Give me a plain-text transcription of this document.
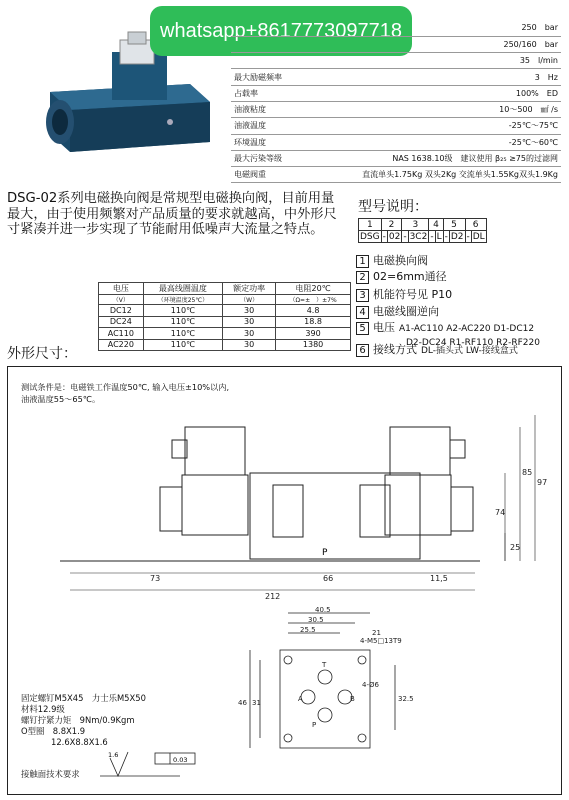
whatsapp+8617773097718
		250　bar
	250/160　bar
	35　l/min
最大励磁频率	3　Hz
占载率	100%　ED
油液粘度	10～500　㎟ /s
油液温度	-25℃～75℃
环境温度	-25℃～60℃
最大污染等级	NAS 1638.10级　建议使用 β₂₅ ≥75的过滤网
电磁阀重	直流单头1.75Kg 双头2Kg 交流单头1.55Kg双头1.9Kg
DSG-02系列电磁换向阀是常规型电磁换向阀，目前用量最大，由于使用频繁对产品质量的要求就越高，中外形尺寸紧凑并进一步实现了节能耐用低噪声大流量之特点。
型号说明：
1	2		3		4		5		6	
DSG	-	02	-	3C2	-	L	-	D2	-	DL
1 电磁换向阀
2 02=6mm通径
3 机能符号见 P10
4 电磁线圈逆向
5 电压 A1-AC110 A2-AC220 D1-DC12
D2-DC24 R1-RF110 R2-RF220
6 接线方式 DL-插头式 LW-接线盒式
电压	最高线圈温度	额定功率	电阻20℃
（V）	（环境温度25℃）	（W）	（Ω=±　）±7%
DC12	110℃	30	4.8
DC24	110℃	30	18.8
AC110	110℃	30	390
AC220	110℃	30	1380
外形尺寸：
测试条件是：电磁铁工作温度50℃, 输入电压±10%以内,
油液温度55～65℃。
P
73	66	11,5
212
25
74
85
97
40.5
30.5
25.5	21
46 31	32.5
4-M5□13T9
4-Ø6
T
A	B
P
固定螺钉M5X45　力士乐M5X50
材料12.9级
螺钉拧紧力矩　9Nm/0.9Kgm
O型圈　8.8X1.9
12.6X8.8X1.6
1.6
0.03
接触面技术要求
